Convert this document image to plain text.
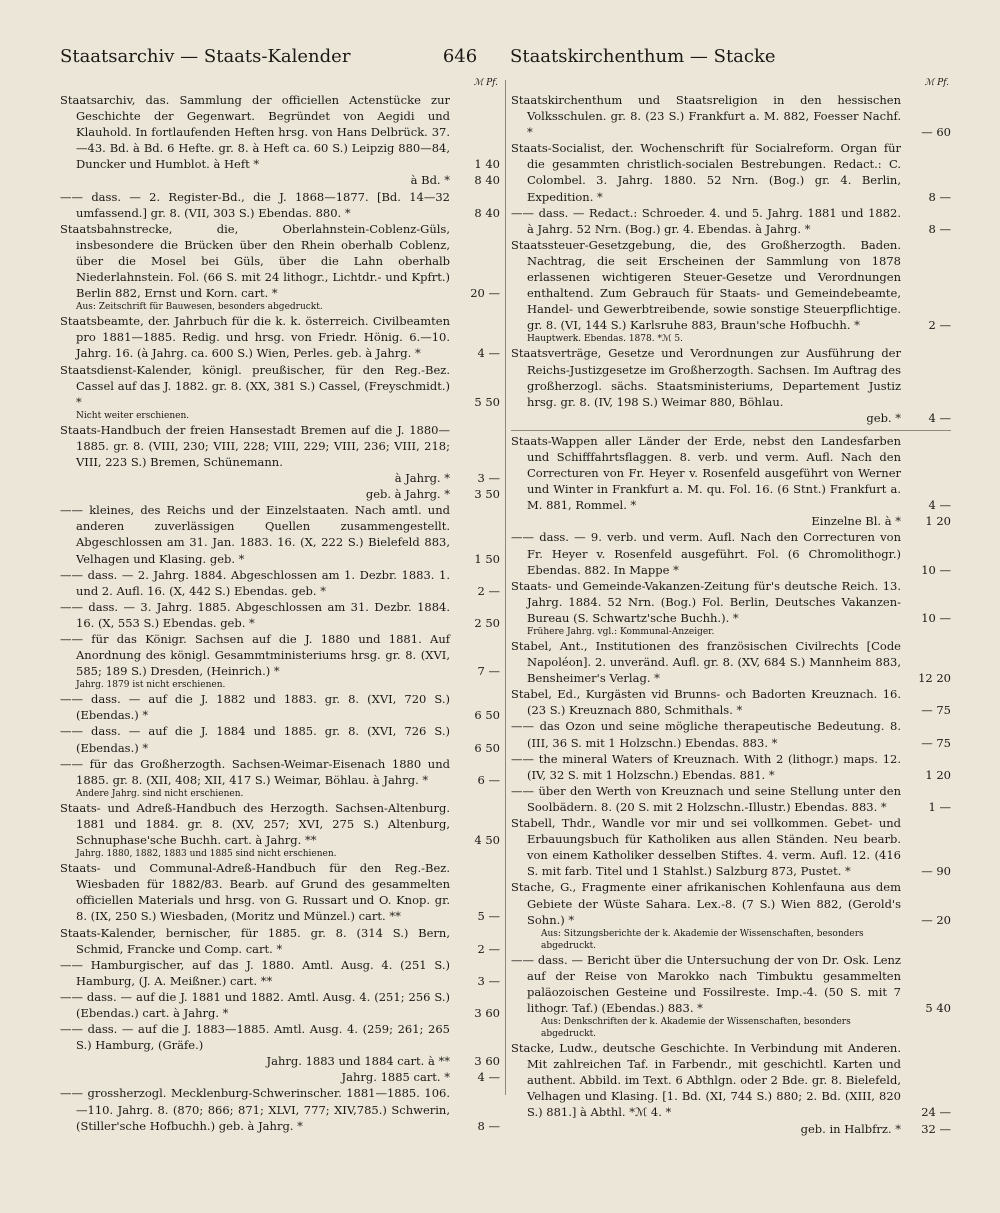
Staatsarchiv — Staats-Kalender	646	Staatskirchenthum — Stacke
ℳ Pf.
Staatsarchiv, das. Sammlung der officiellen Actenstücke zur Geschichte der Gegenwart. Begründet von Aegidi und Klauhold. In fortlaufenden Heften hrsg. von Hans Delbrück. 37.—43. Bd. à Bd. 6 Hefte. gr. 8. à Heft ca. 60 S.) Leipzig 880—84, Duncker und Humblot. à Heft *	1 40
à Bd. *	8 40
—— dass. — 2. Register-Bd., die J. 1868—1877. [Bd. 14—32 umfassend.] gr. 8. (VII, 303 S.) Ebendas. 880. *	8 40
Staatsbahnstrecke, die, Oberlahnstein-Coblenz-Güls, insbesondere die Brücken über den Rhein oberhalb Coblenz, über die Mosel bei Güls, über die Lahn oberhalb Niederlahnstein. Fol. (66 S. mit 24 lithogr., Lichtdr.- und Kpfrt.) Berlin 882, Ernst und Korn. cart. *	20 —
Aus: Zeitschrift für Bauwesen, besonders abgedruckt.
Staatsbeamte, der. Jahrbuch für die k. k. österreich. Civilbeamten pro 1881—1885. Redig. und hrsg. von Friedr. Hönig. 6.—10. Jahrg. 16. (à Jahrg. ca. 600 S.) Wien, Perles. geb. à Jahrg. *	4 —
Staatsdienst-Kalender, königl. preußischer, für den Reg.-Bez. Cassel auf das J. 1882. gr. 8. (XX, 381 S.) Cassel, (Freyschmidt.) *	5 50
Nicht weiter erschienen.
Staats-Handbuch der freien Hansestadt Bremen auf die J. 1880—1885. gr. 8. (VIII, 230; VIII, 228; VIII, 229; VIII, 236; VIII, 218; VIII, 223 S.) Bremen, Schünemann.
à Jahrg. *	3 —
geb. à Jahrg. *	3 50
—— kleines, des Reichs und der Einzelstaaten. Nach amtl. und anderen zuverlässigen Quellen zusammengestellt. Abgeschlossen am 31. Jan. 1883. 16. (X, 222 S.) Bielefeld 883, Velhagen und Klasing. geb. *	1 50
—— dass. — 2. Jahrg. 1884. Abgeschlossen am 1. Dezbr. 1883. 1. und 2. Aufl. 16. (X, 442 S.) Ebendas. geb. *	2 —
—— dass. — 3. Jahrg. 1885. Abgeschlossen am 31. Dezbr. 1884. 16. (X, 553 S.) Ebendas. geb. *	2 50
—— für das Königr. Sachsen auf die J. 1880 und 1881. Auf Anordnung des königl. Gesammtministeriums hrsg. gr. 8. (XVI, 585; 189 S.) Dresden, (Heinrich.) *	7 —
Jahrg. 1879 ist nicht erschienen.
—— dass. — auf die J. 1882 und 1883. gr. 8. (XVI, 720 S.) (Ebendas.) *	6 50
—— dass. — auf die J. 1884 und 1885. gr. 8. (XVI, 726 S.) (Ebendas.) *	6 50
—— für das Großherzogth. Sachsen-Weimar-Eisenach 1880 und 1885. gr. 8. (XII, 408; XII, 417 S.) Weimar, Böhlau. à Jahrg. *	6 —
Andere Jahrg. sind nicht erschienen.
Staats- und Adreß-Handbuch des Herzogth. Sachsen-Altenburg. 1881 und 1884. gr. 8. (XV, 257; XVI, 275 S.) Altenburg, Schnuphase'sche Buchh. cart. à Jahrg. **	4 50
Jahrg. 1880, 1882, 1883 und 1885 sind nicht erschienen.
Staats- und Communal-Adreß-Handbuch für den Reg.-Bez. Wiesbaden für 1882/83. Bearb. auf Grund des gesammelten officiellen Materials und hrsg. von G. Russart und O. Knop. gr. 8. (IX, 250 S.) Wiesbaden, (Moritz und Münzel.) cart. **	5 —
Staats-Kalender, bernischer, für 1885. gr. 8. (314 S.) Bern, Schmid, Francke und Comp. cart. *	2 —
—— Hamburgischer, auf das J. 1880. Amtl. Ausg. 4. (251 S.) Hamburg, (J. A. Meißner.) cart. **	3 —
—— dass. — auf die J. 1881 und 1882. Amtl. Ausg. 4. (251; 256 S.) (Ebendas.) cart. à Jahrg. *	3 60
—— dass. — auf die J. 1883—1885. Amtl. Ausg. 4. (259; 261; 265 S.) Hamburg, (Gräfe.)
Jahrg. 1883 und 1884 cart. à **	3 60
Jahrg. 1885 cart. *	4 —
—— grossherzogl. Mecklenburg-Schwerinscher. 1881—1885. 106.—110. Jahrg. 8. (870; 866; 871; XLVI, 777; XIV,785.) Schwerin, (Stiller'sche Hofbuchh.) geb. à Jahrg. *	8 —
ℳ Pf.
Staatskirchenthum und Staatsreligion in den hessischen Volksschulen. gr. 8. (23 S.) Frankfurt a. M. 882, Foesser Nachf. *	— 60
Staats-Socialist, der. Wochenschrift für Socialreform. Organ für die gesammten christlich-socialen Bestrebungen. Redact.: C. Colombel. 3. Jahrg. 1880. 52 Nrn. (Bog.) gr. 4. Berlin, Expedition. *	8 —
—— dass. — Redact.: Schroeder. 4. und 5. Jahrg. 1881 und 1882. à Jahrg. 52 Nrn. (Bog.) gr. 4. Ebendas. à Jahrg. *	8 —
Staatssteuer-Gesetzgebung, die, des Großherzogth. Baden. Nachtrag, die seit Erscheinen der Sammlung von 1878 erlassenen wichtigeren Steuer-Gesetze und Verordnungen enthaltend. Zum Gebrauch für Staats- und Gemeindebeamte, Handel- und Gewerbtreibende, sowie sonstige Steuerpflichtige. gr. 8. (VI, 144 S.) Karlsruhe 883, Braun'sche Hofbuchh. *	2 —
Hauptwerk. Ebendas. 1878. *ℳ 5.
Staatsverträge, Gesetze und Verordnungen zur Ausführung der Reichs-Justizgesetze im Großherzogth. Sachsen. Im Auftrag des großherzogl. sächs. Staatsministeriums, Departement Justiz hrsg. gr. 8. (IV, 198 S.) Weimar 880, Böhlau.
geb. *	4 —
Staats-Wappen aller Länder der Erde, nebst den Landesfarben und Schifffahrtsflaggen. 8. verb. und verm. Aufl. Nach den Correcturen von Fr. Heyer v. Rosenfeld ausgeführt von Werner und Winter in Frankfurt a. M. qu. Fol. 16. (6 Stnt.) Frankfurt a. M. 881, Rommel. *	4 —
Einzelne Bl. à *	1 20
—— dass. — 9. verb. und verm. Aufl. Nach den Correcturen von Fr. Heyer v. Rosenfeld ausgeführt. Fol. (6 Chromolithogr.) Ebendas. 882. In Mappe *	10 —
Staats- und Gemeinde-Vakanzen-Zeitung für's deutsche Reich. 13. Jahrg. 1884. 52 Nrn. (Bog.) Fol. Berlin, Deutsches Vakanzen-Bureau (S. Schwartz'sche Buchh.). *	10 —
Frühere Jahrg. vgl.: Kommunal-Anzeiger.
Stabel, Ant., Institutionen des französischen Civilrechts [Code Napoléon]. 2. unveränd. Aufl. gr. 8. (XV, 684 S.) Mannheim 883, Bensheimer's Verlag. *	12 20
Stabel, Ed., Kurgästen vid Brunns- och Badorten Kreuznach. 16. (23 S.) Kreuznach 880, Schmithals. *	— 75
—— das Ozon und seine mögliche therapeutische Bedeutung. 8. (III, 36 S. mit 1 Holzschn.) Ebendas. 883. *	— 75
—— the mineral Waters of Kreuznach. With 2 (lithogr.) maps. 12. (IV, 32 S. mit 1 Holzschn.) Ebendas. 881. *	1 20
—— über den Werth von Kreuznach und seine Stellung unter den Soolbädern. 8. (20 S. mit 2 Holzschn.-Illustr.) Ebendas. 883. *	1 —
Stabell, Thdr., Wandle vor mir und sei vollkommen. Gebet- und Erbauungsbuch für Katholiken aus allen Ständen. Neu bearb. von einem Katholiker desselben Stiftes. 4. verm. Aufl. 12. (416 S. mit farb. Titel und 1 Stahlst.) Salzburg 873, Pustet. *	— 90
Stache, G., Fragmente einer afrikanischen Kohlenfauna aus dem Gebiete der Wüste Sahara. Lex.-8. (7 S.) Wien 882, (Gerold's Sohn.) *	— 20
Aus: Sitzungsberichte der k. Akademie der Wissenschaften, besonders abgedruckt.
—— dass. — Bericht über die Untersuchung der von Dr. Osk. Lenz auf der Reise von Marokko nach Timbuktu gesammelten paläozoischen Gesteine und Fossilreste. Imp.-4. (50 S. mit 7 lithogr. Taf.) (Ebendas.) 883. *	5 40
Aus: Denkschriften der k. Akademie der Wissenschaften, besonders abgedruckt.
Stacke, Ludw., deutsche Geschichte. In Verbindung mit Anderen. Mit zahlreichen Taf. in Farbendr., mit geschichtl. Karten und authent. Abbild. im Text. 6 Abthlgn. oder 2 Bde. gr. 8. Bielefeld, Velhagen und Klasing. [1. Bd. (XI, 744 S.) 880; 2. Bd. (XIII, 820 S.) 881.] à Abthl. *ℳ 4. *	24 —
geb. in Halbfrz. *	32 —
